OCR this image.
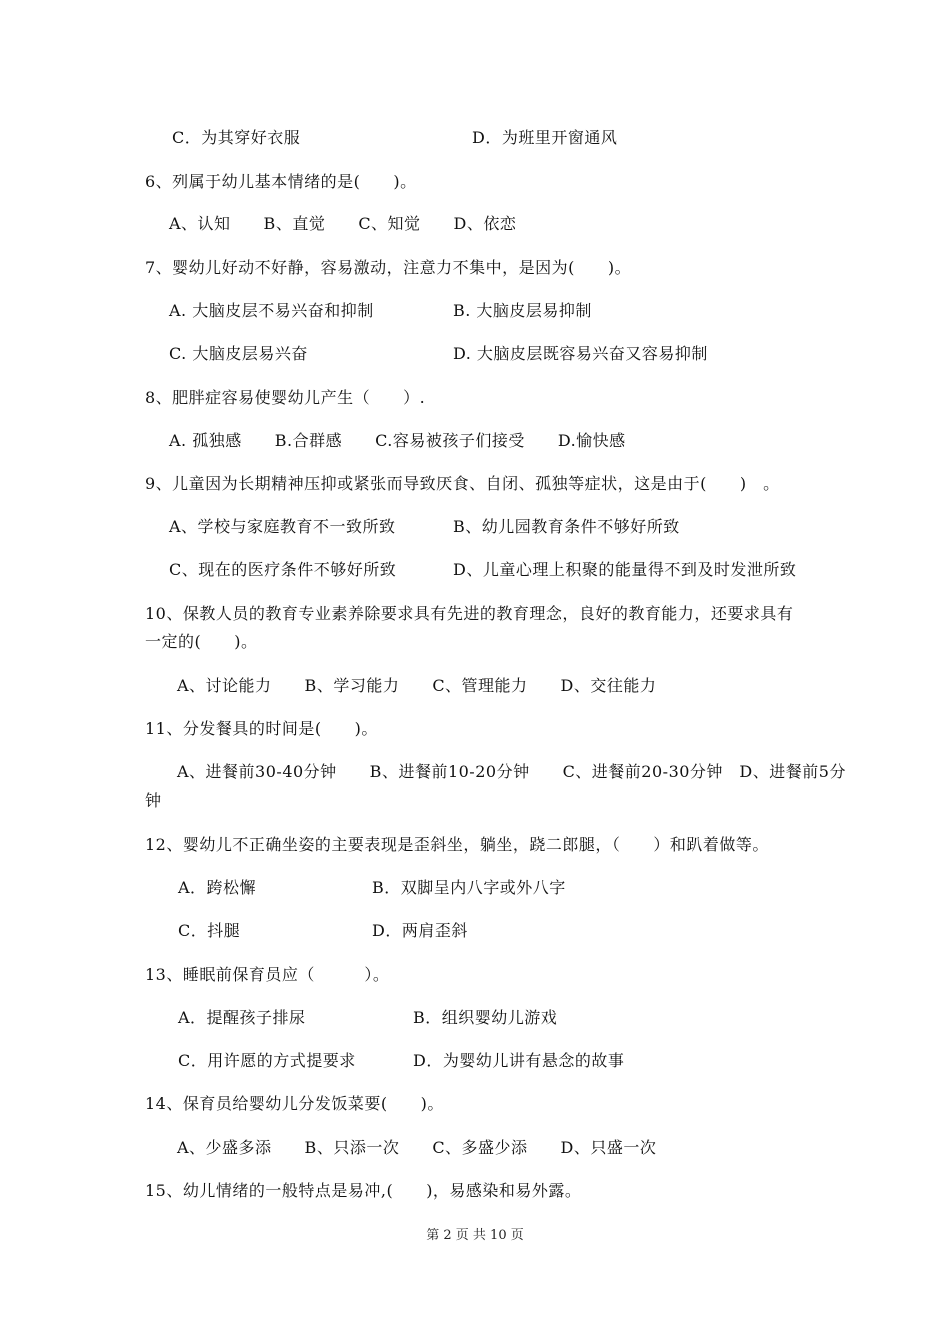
C．为其穿好衣服	D．为班里开窗通风
6、列属于幼儿基本情绪的是(　　)。
A、认知　　B、直觉　　C、知觉　　D、依恋
7、婴幼儿好动不好静，容易激动，注意力不集中，是因为(　　)。
A. 大脑皮层不易兴奋和抑制	B. 大脑皮层易抑制
C. 大脑皮层易兴奋	D. 大脑皮层既容易兴奋又容易抑制
8、肥胖症容易使婴幼儿产生（　　）.
A. 孤独感　　B.合群感　　C.容易被孩子们接受　　D.愉快感
9、儿童因为长期精神压抑或紧张而导致厌食、自闭、孤独等症状，这是由于(　　)　。
A、学校与家庭教育不一致所致	B、幼儿园教育条件不够好所致
C、现在的医疗条件不够好所致	D、儿童心理上积聚的能量得不到及时发泄所致
10、保教人员的教育专业素养除要求具有先进的教育理念，良好的教育能力，还要求具有
一定的(　　)。
A、讨论能力　　B、学习能力　　C、管理能力　　D、交往能力
11、分发餐具的时间是(　　)。
A、进餐前30-40分钟　　B、进餐前10-20分钟　　C、进餐前20-30分钟　D、进餐前5分
钟
12、婴幼儿不正确坐姿的主要表现是歪斜坐，躺坐，跷二郎腿，（　　）和趴着做等。
A．跨松懈	B．双脚呈内八字或外八字
C．抖腿	D．两肩歪斜
13、睡眠前保育员应（　　　）。
A．提醒孩子排尿	B．组织婴幼儿游戏
C．用许愿的方式提要求	D．为婴幼儿讲有悬念的故事
14、保育员给婴幼儿分发饭菜要(　　)。
A、少盛多添　　B、只添一次　　C、多盛少添　　D、只盛一次
15、幼儿情绪的一般特点是易冲,(　　)，易感染和易外露。
第 2 页 共 10 页
